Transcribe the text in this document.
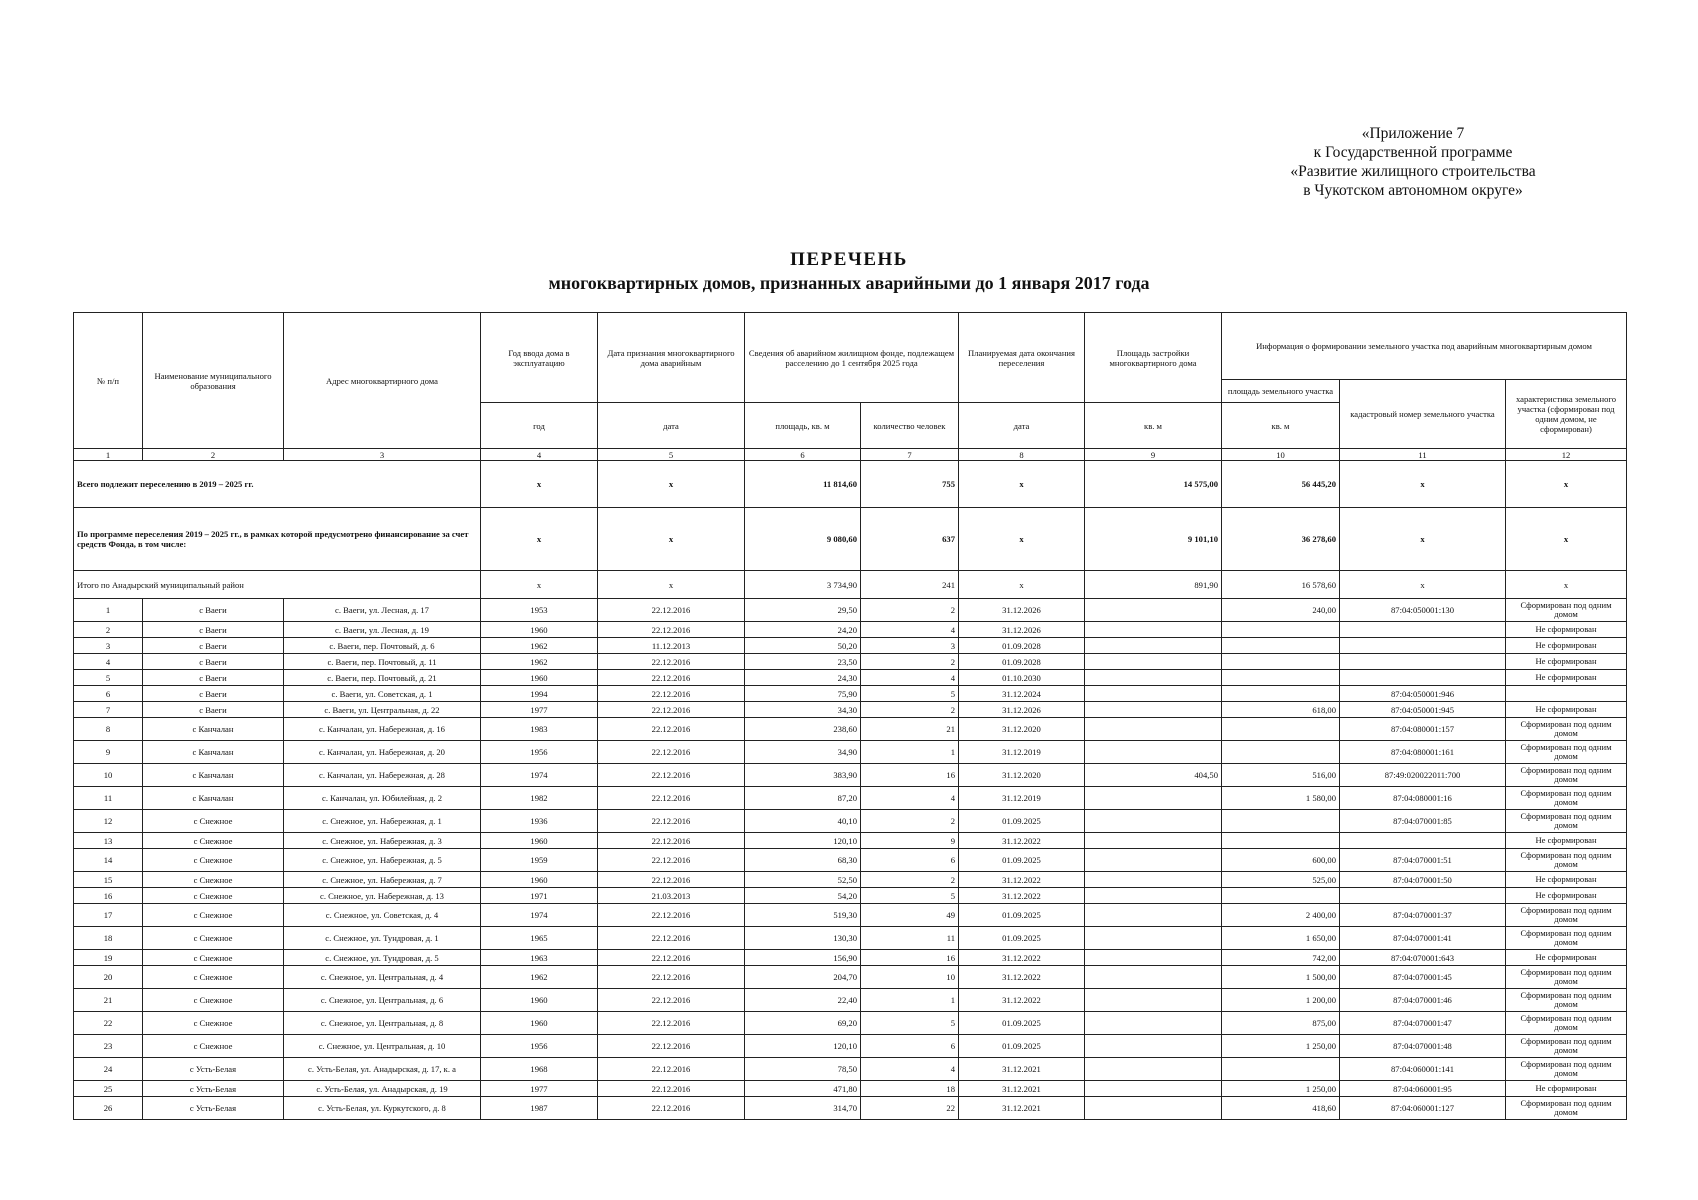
«Приложение 7
к Государственной программе
«Развитие жилищного строительства
в Чукотском автономном округе»
ПЕРЕЧЕНЬ
многоквартирных домов, признанных аварийными до 1 января 2017 года
№ п/п	Наименование муниципального образования	Адрес многоквартирного дома	Год ввода дома в эксплуатацию	Дата признания многоквартирного дома аварийным	Сведения об аварийном жилищном фонде, подлежащем расселению до 1 сентября 2025 года		Планируемая дата окончания переселения	Площадь застройки многоквартирного дома	Информация о формировании земельного участка под аварийным многоквартирным домом		
									площадь земельного участка	кадастровый номер земельного участка	характеристика земельного участка (сформирован под одним домом, не сформирован)
			год	дата	площадь, кв. м	количество человек	дата	кв. м	кв. м		
1	2	3	4	5	6	7	8	9	10	11	12
Всего подлежит переселению в 2019 – 2025 гг.			х	х	11 814,60	755	х	14 575,00	56 445,20	х	х
По программе переселения 2019 – 2025 гг., в рамках которой предусмотрено финансирование за счет средств Фонда, в том числе:			х	х	9 080,60	637	х	9 101,10	36 278,60	х	х
Итого по Анадырский муниципальный район			х	х	3 734,90	241	х	891,90	16 578,60	х	х
1	с Ваеги	с. Ваеги, ул. Лесная, д. 17	1953	22.12.2016	29,50	2	31.12.2026		240,00	87:04:050001:130	Сформирован под одним домом
2	с Ваеги	с. Ваеги, ул. Лесная, д. 19	1960	22.12.2016	24,20	4	31.12.2026				Не сформирован
3	с Ваеги	с. Ваеги, пер. Почтовый, д. 6	1962	11.12.2013	50,20	3	01.09.2028				Не сформирован
4	с Ваеги	с. Ваеги, пер. Почтовый, д. 11	1962	22.12.2016	23,50	2	01.09.2028				Не сформирован
5	с Ваеги	с. Ваеги, пер. Почтовый, д. 21	1960	22.12.2016	24,30	4	01.10.2030				Не сформирован
6	с Ваеги	с. Ваеги, ул. Советская, д. 1	1994	22.12.2016	75,90	5	31.12.2024			87:04:050001:946	
7	с Ваеги	с. Ваеги, ул. Центральная, д. 22	1977	22.12.2016	34,30	2	31.12.2026		618,00	87:04:050001:945	Не сформирован
8	с Канчалан	с. Канчалан, ул. Набережная, д. 16	1983	22.12.2016	238,60	21	31.12.2020			87:04:080001:157	Сформирован под одним домом
9	с Канчалан	с. Канчалан, ул. Набережная, д. 20	1956	22.12.2016	34,90	1	31.12.2019			87:04:080001:161	Сформирован под одним домом
10	с Канчалан	с. Канчалан, ул. Набережная, д. 28	1974	22.12.2016	383,90	16	31.12.2020	404,50	516,00	87:49:020022011:700	Сформирован под одним домом
11	с Канчалан	с. Канчалан, ул. Юбилейная, д. 2	1982	22.12.2016	87,20	4	31.12.2019		1 580,00	87:04:080001:16	Сформирован под одним домом
12	с Снежное	с. Снежное, ул. Набережная, д. 1	1936	22.12.2016	40,10	2	01.09.2025			87:04:070001:85	Сформирован под одним домом
13	с Снежное	с. Снежное, ул. Набережная, д. 3	1960	22.12.2016	120,10	9	31.12.2022				Не сформирован
14	с Снежное	с. Снежное, ул. Набережная, д. 5	1959	22.12.2016	68,30	6	01.09.2025		600,00	87:04:070001:51	Сформирован под одним домом
15	с Снежное	с. Снежное, ул. Набережная, д. 7	1960	22.12.2016	52,50	2	31.12.2022		525,00	87:04:070001:50	Не сформирован
16	с Снежное	с. Снежное, ул. Набережная, д. 13	1971	21.03.2013	54,20	5	31.12.2022				Не сформирован
17	с Снежное	с. Снежное, ул. Советская, д. 4	1974	22.12.2016	519,30	49	01.09.2025		2 400,00	87:04:070001:37	Сформирован под одним домом
18	с Снежное	с. Снежное, ул. Тундровая, д. 1	1965	22.12.2016	130,30	11	01.09.2025		1 650,00	87:04:070001:41	Сформирован под одним домом
19	с Снежное	с. Снежное, ул. Тундровая, д. 5	1963	22.12.2016	156,90	16	31.12.2022		742,00	87:04:070001:643	Не сформирован
20	с Снежное	с. Снежное, ул. Центральная, д. 4	1962	22.12.2016	204,70	10	31.12.2022		1 500,00	87:04:070001:45	Сформирован под одним домом
21	с Снежное	с. Снежное, ул. Центральная, д. 6	1960	22.12.2016	22,40	1	31.12.2022		1 200,00	87:04:070001:46	Сформирован под одним домом
22	с Снежное	с. Снежное, ул. Центральная, д. 8	1960	22.12.2016	69,20	5	01.09.2025		875,00	87:04:070001:47	Сформирован под одним домом
23	с Снежное	с. Снежное, ул. Центральная, д. 10	1956	22.12.2016	120,10	6	01.09.2025		1 250,00	87:04:070001:48	Сформирован под одним домом
24	с Усть-Белая	с. Усть-Белая, ул. Анадырская, д. 17, к. а	1968	22.12.2016	78,50	4	31.12.2021			87:04:060001:141	Сформирован под одним домом
25	с Усть-Белая	с. Усть-Белая, ул. Анадырская, д. 19	1977	22.12.2016	471,80	18	31.12.2021		1 250,00	87:04:060001:95	Не сформирован
26	с Усть-Белая	с. Усть-Белая, ул. Куркутского, д. 8	1987	22.12.2016	314,70	22	31.12.2021		418,60	87:04:060001:127	Сформирован под одним домом
